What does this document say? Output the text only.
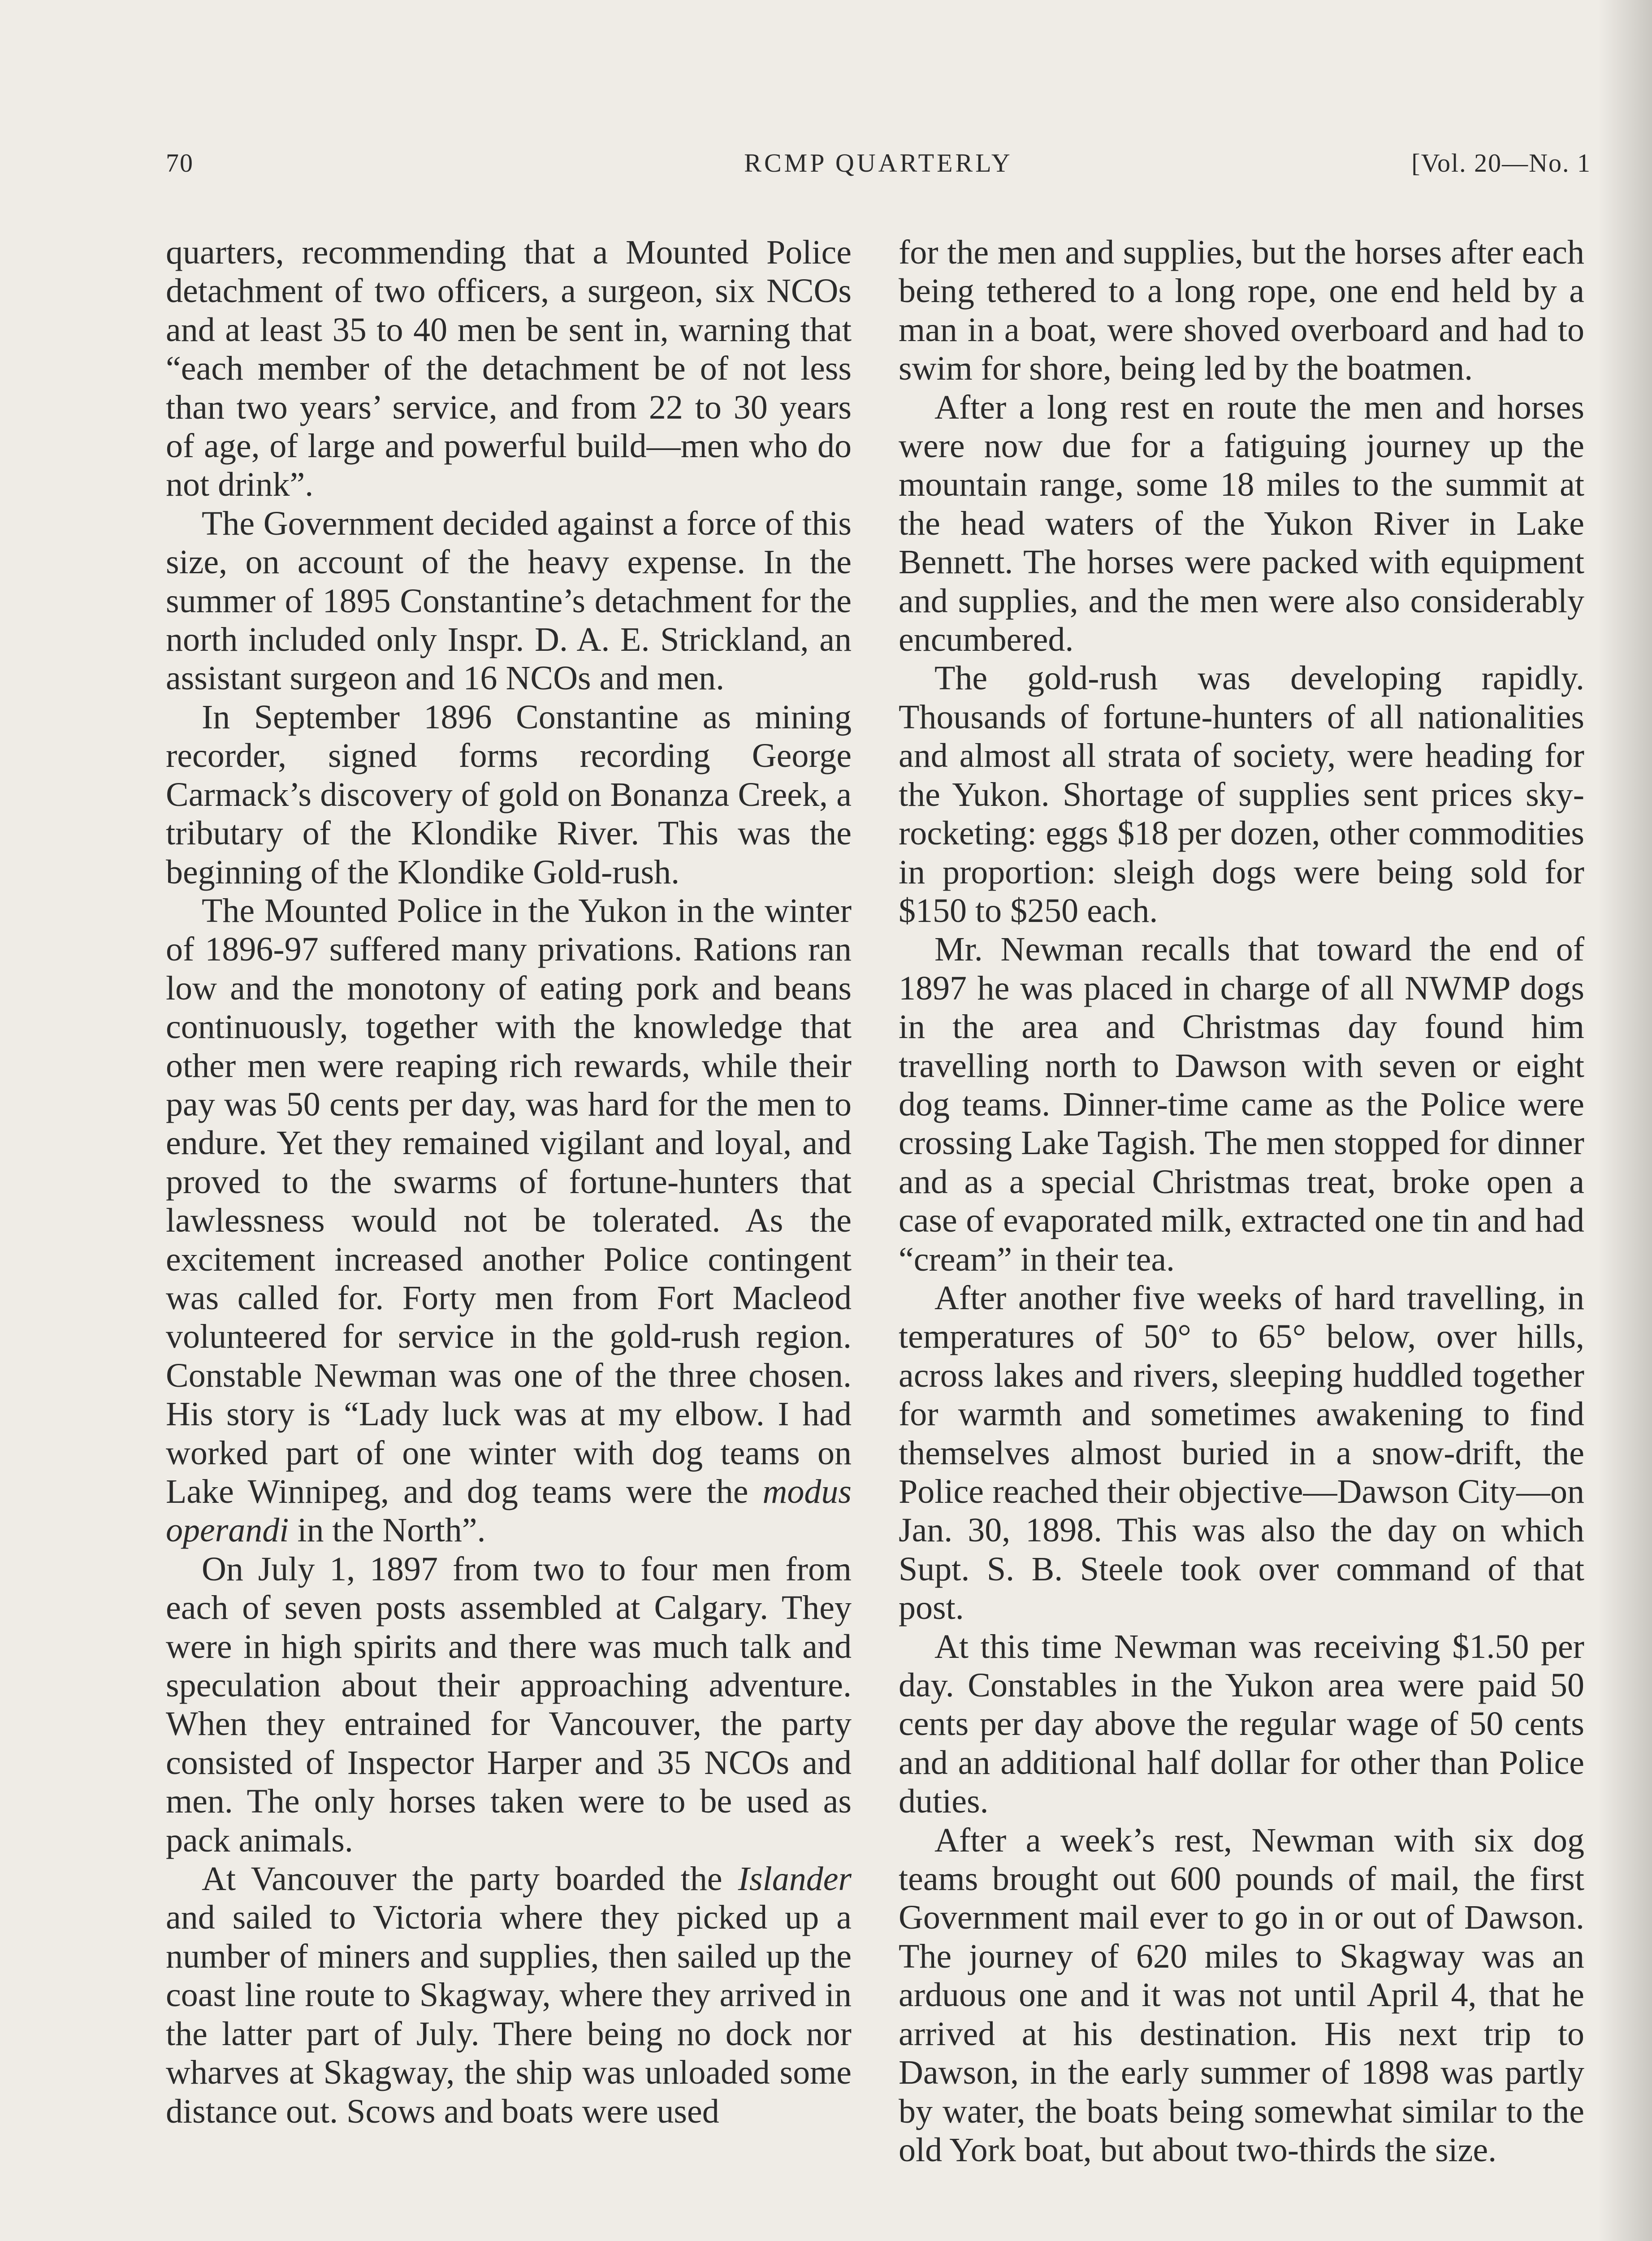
70	RCMP QUARTERLY	[Vol. 20—No. 1

quarters, recommending that a Mounted Police detachment of two officers, a surgeon, six NCOs and at least 35 to 40 men be sent in, warning that “each member of the detachment be of not less than two years’ service, and from 22 to 30 years of age, of large and powerful build—men who do not drink”.

The Government decided against a force of this size, on account of the heavy expense. In the summer of 1895 Constantine’s detachment for the north included only Inspr. D. A. E. Strickland, an assistant surgeon and 16 NCOs and men.

In September 1896 Constantine as mining recorder, signed forms recording George Carmack’s discovery of gold on Bonanza Creek, a tributary of the Klondike River. This was the beginning of the Klondike Gold-rush.

The Mounted Police in the Yukon in the winter of 1896-97 suffered many privations. Rations ran low and the monotony of eating pork and beans continuously, together with the knowledge that other men were reaping rich rewards, while their pay was 50 cents per day, was hard for the men to endure. Yet they remained vigilant and loyal, and proved to the swarms of fortune-hunters that lawlessness would not be tolerated. As the excitement increased another Police contingent was called for. Forty men from Fort Macleod volunteered for service in the gold-rush region. Constable Newman was one of the three chosen. His story is “Lady luck was at my elbow. I had worked part of one winter with dog teams on Lake Winnipeg, and dog teams were the modus operandi in the North”.

On July 1, 1897 from two to four men from each of seven posts assembled at Calgary. They were in high spirits and there was much talk and speculation about their approaching adventure. When they entrained for Vancouver, the party consisted of Inspector Harper and 35 NCOs and men. The only horses taken were to be used as pack animals.

At Vancouver the party boarded the Islander and sailed to Victoria where they picked up a number of miners and supplies, then sailed up the coast line route to Skagway, where they arrived in the latter part of July. There being no dock nor wharves at Skagway, the ship was unloaded some distance out. Scows and boats were used

for the men and supplies, but the horses after each being tethered to a long rope, one end held by a man in a boat, were shoved overboard and had to swim for shore, being led by the boatmen.

After a long rest en route the men and horses were now due for a fatiguing journey up the mountain range, some 18 miles to the summit at the head waters of the Yukon River in Lake Bennett. The horses were packed with equipment and supplies, and the men were also considerably encumbered.

The gold-rush was developing rapidly. Thousands of fortune-hunters of all nationalities and almost all strata of society, were heading for the Yukon. Shortage of supplies sent prices sky-rocketing: eggs $18 per dozen, other commodities in proportion: sleigh dogs were being sold for $150 to $250 each.

Mr. Newman recalls that toward the end of 1897 he was placed in charge of all NWMP dogs in the area and Christmas day found him travelling north to Dawson with seven or eight dog teams. Dinner-time came as the Police were crossing Lake Tagish. The men stopped for dinner and as a special Christmas treat, broke open a case of evaporated milk, extracted one tin and had “cream” in their tea.

After another five weeks of hard travelling, in temperatures of 50° to 65° below, over hills, across lakes and rivers, sleeping huddled together for warmth and sometimes awakening to find themselves almost buried in a snow-drift, the Police reached their objective—Dawson City—on Jan. 30, 1898. This was also the day on which Supt. S. B. Steele took over command of that post.

At this time Newman was receiving $1.50 per day. Constables in the Yukon area were paid 50 cents per day above the regular wage of 50 cents and an additional half dollar for other than Police duties.

After a week’s rest, Newman with six dog teams brought out 600 pounds of mail, the first Government mail ever to go in or out of Dawson. The journey of 620 miles to Skagway was an arduous one and it was not until April 4, that he arrived at his destination. His next trip to Dawson, in the early summer of 1898 was partly by water, the boats being somewhat similar to the old York boat, but about two-thirds the size.
